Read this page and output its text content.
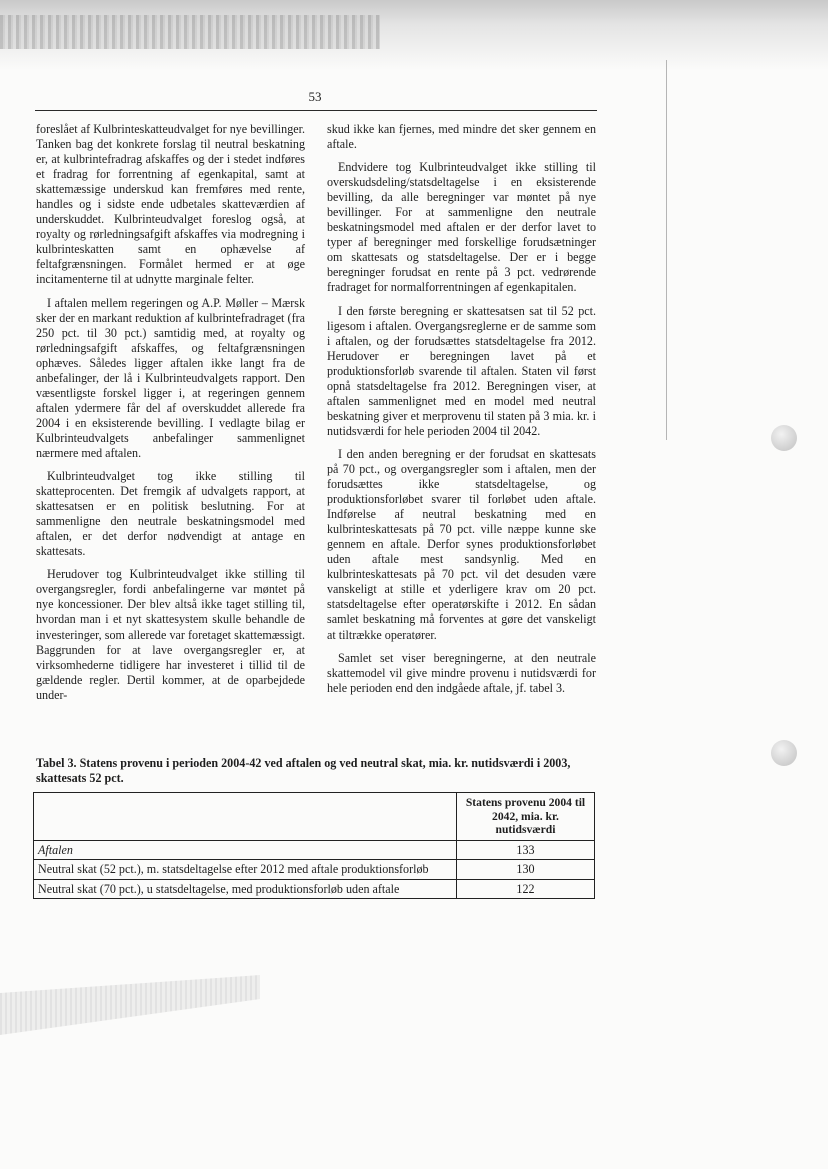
53

foreslået af Kulbrinteskatteudvalget for nye bevillinger. Tanken bag det konkrete forslag til neutral beskatning er, at kulbrintefradrag afskaffes og der i stedet indføres et fradrag for forrentning af egenkapital, samt at skattemæssige underskud kan fremføres med rente, handles og i sidste ende udbetales skatteværdien af underskuddet. Kulbrinteudvalget foreslog også, at royalty og rørledningsafgift afskaffes via modregning i kulbrinteskatten samt en ophævelse af feltafgrænsningen. Formålet hermed er at øge incitamenterne til at udnytte marginale felter.

I aftalen mellem regeringen og A.P. Møller – Mærsk sker der en markant reduktion af kulbrintefradraget (fra 250 pct. til 30 pct.) samtidig med, at royalty og rørledningsafgift afskaffes, og feltafgrænsningen ophæves. Således ligger aftalen ikke langt fra de anbefalinger, der lå i Kulbrinteudvalgets rapport. Den væsentligste forskel ligger i, at regeringen gennem aftalen ydermere får del af overskuddet allerede fra 2004 i en eksisterende bevilling. I vedlagte bilag er Kulbrinteudvalgets anbefalinger sammenlignet nærmere med aftalen.

Kulbrinteudvalget tog ikke stilling til skatteprocenten. Det fremgik af udvalgets rapport, at skattesatsen er en politisk beslutning. For at sammenligne den neutrale beskatningsmodel med aftalen, er det derfor nødvendigt at antage en skattesats.

Herudover tog Kulbrinteudvalget ikke stilling til overgangsregler, fordi anbefalingerne var møntet på nye koncessioner. Der blev altså ikke taget stilling til, hvordan man i et nyt skattesystem skulle behandle de investeringer, som allerede var foretaget skattemæssigt. Baggrunden for at lave overgangsregler er, at virksomhederne tidligere har investeret i tillid til de gældende regler. Dertil kommer, at de oparbejdede under-

skud ikke kan fjernes, med mindre det sker gennem en aftale.

Endvidere tog Kulbrinteudvalget ikke stilling til overskudsdeling/statsdeltagelse i en eksisterende bevilling, da alle beregninger var møntet på nye bevillinger. For at sammenligne den neutrale beskatningsmodel med aftalen er der derfor lavet to typer af beregninger med forskellige forudsætninger om skattesats og statsdeltagelse. Der er i begge beregninger forudsat en rente på 3 pct. vedrørende fradraget for normalforrentningen af egenkapitalen.

I den første beregning er skattesatsen sat til 52 pct. ligesom i aftalen. Overgangsreglerne er de samme som i aftalen, og der forudsættes statsdeltagelse fra 2012. Herudover er beregningen lavet på et produktionsforløb svarende til aftalen. Staten vil først opnå statsdeltagelse fra 2012. Beregningen viser, at aftalen sammenlignet med en model med neutral beskatning giver et merprovenu til staten på 3 mia. kr. i nutidsværdi for hele perioden 2004 til 2042.

I den anden beregning er der forudsat en skattesats på 70 pct., og overgangsregler som i aftalen, men der forudsættes ikke statsdeltagelse, og produktionsforløbet svarer til forløbet uden aftale. Indførelse af neutral beskatning med en kulbrinteskattesats på 70 pct. ville næppe kunne ske gennem en aftale. Derfor synes produktionsforløbet uden aftale mest sandsynlig. Med en kulbrinteskattesats på 70 pct. vil det desuden være vanskeligt at stille et yderligere krav om 20 pct. statsdeltagelse efter operatørskifte i 2012. En sådan samlet beskatning må forventes at gøre det vanskeligt at tiltrække operatører.

Samlet set viser beregningerne, at den neutrale skattemodel vil give mindre provenu i nutidsværdi for hele perioden end den indgåede aftale, jf. tabel 3.

Tabel 3. Statens provenu i perioden 2004-42 ved aftalen og ved neutral skat, mia. kr. nutidsværdi i 2003, skattesats 52 pct.
	Statens provenu 2004 til 2042, mia. kr. nutidsværdi
Aftalen	133
Neutral skat (52 pct.), m. statsdeltagelse efter 2012 med aftale produktionsforløb	130
Neutral skat (70 pct.), u statsdeltagelse, med produktionsforløb uden aftale	122
